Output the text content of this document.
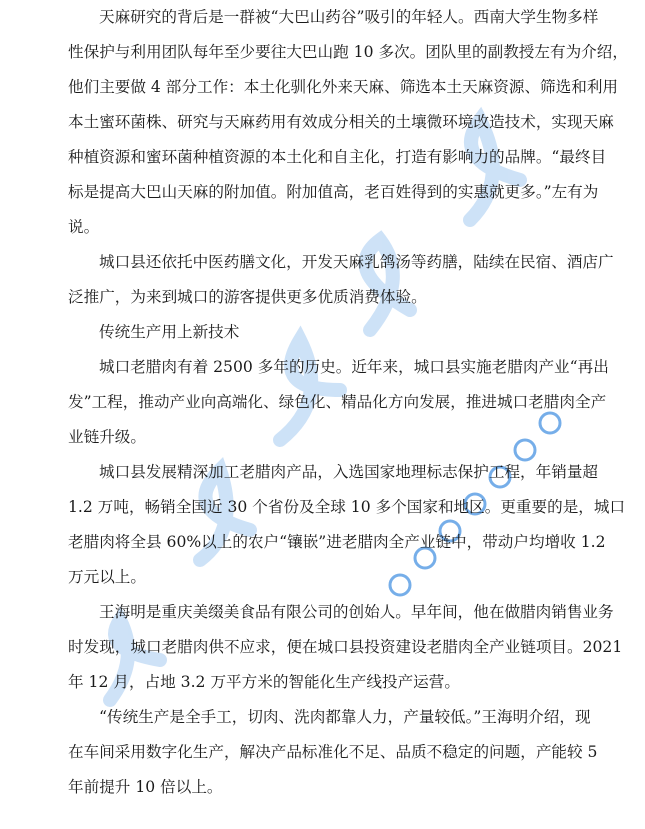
天麻研究的背后是一群被“大巴山药谷”吸引的年轻人。西南大学生物多样
性保护与利用团队每年至少要往大巴山跑 10 多次。团队里的副教授左有为介绍，
他们主要做 4 部分工作：本土化驯化外来天麻、筛选本土天麻资源、筛选和利用
本土蜜环菌株、研究与天麻药用有效成分相关的土壤微环境改造技术，实现天麻
种植资源和蜜环菌种植资源的本土化和自主化，打造有影响力的品牌。“最终目
标是提高大巴山天麻的附加值。附加值高，老百姓得到的实惠就更多。”左有为
说。
城口县还依托中医药膳文化，开发天麻乳鸽汤等药膳，陆续在民宿、酒店广
泛推广，为来到城口的游客提供更多优质消费体验。
传统生产用上新技术
城口老腊肉有着 2500 多年的历史。近年来，城口县实施老腊肉产业“再出
发”工程，推动产业向高端化、绿色化、精品化方向发展，推进城口老腊肉全产
业链升级。
城口县发展精深加工老腊肉产品，入选国家地理标志保护工程，年销量超
1.2 万吨，畅销全国近 30 个省份及全球 10 多个国家和地区。更重要的是，城口
老腊肉将全县 60%以上的农户“镶嵌”进老腊肉全产业链中，带动户均增收 1.2
万元以上。
王海明是重庆美缀美食品有限公司的创始人。早年间，他在做腊肉销售业务
时发现，城口老腊肉供不应求，便在城口县投资建设老腊肉全产业链项目。2021
年 12 月，占地 3.2 万平方米的智能化生产线投产运营。
“传统生产是全手工，切肉、洗肉都靠人力，产量较低。”王海明介绍，现
在车间采用数字化生产，解决产品标准化不足、品质不稳定的问题，产能较 5
年前提升 10 倍以上。
